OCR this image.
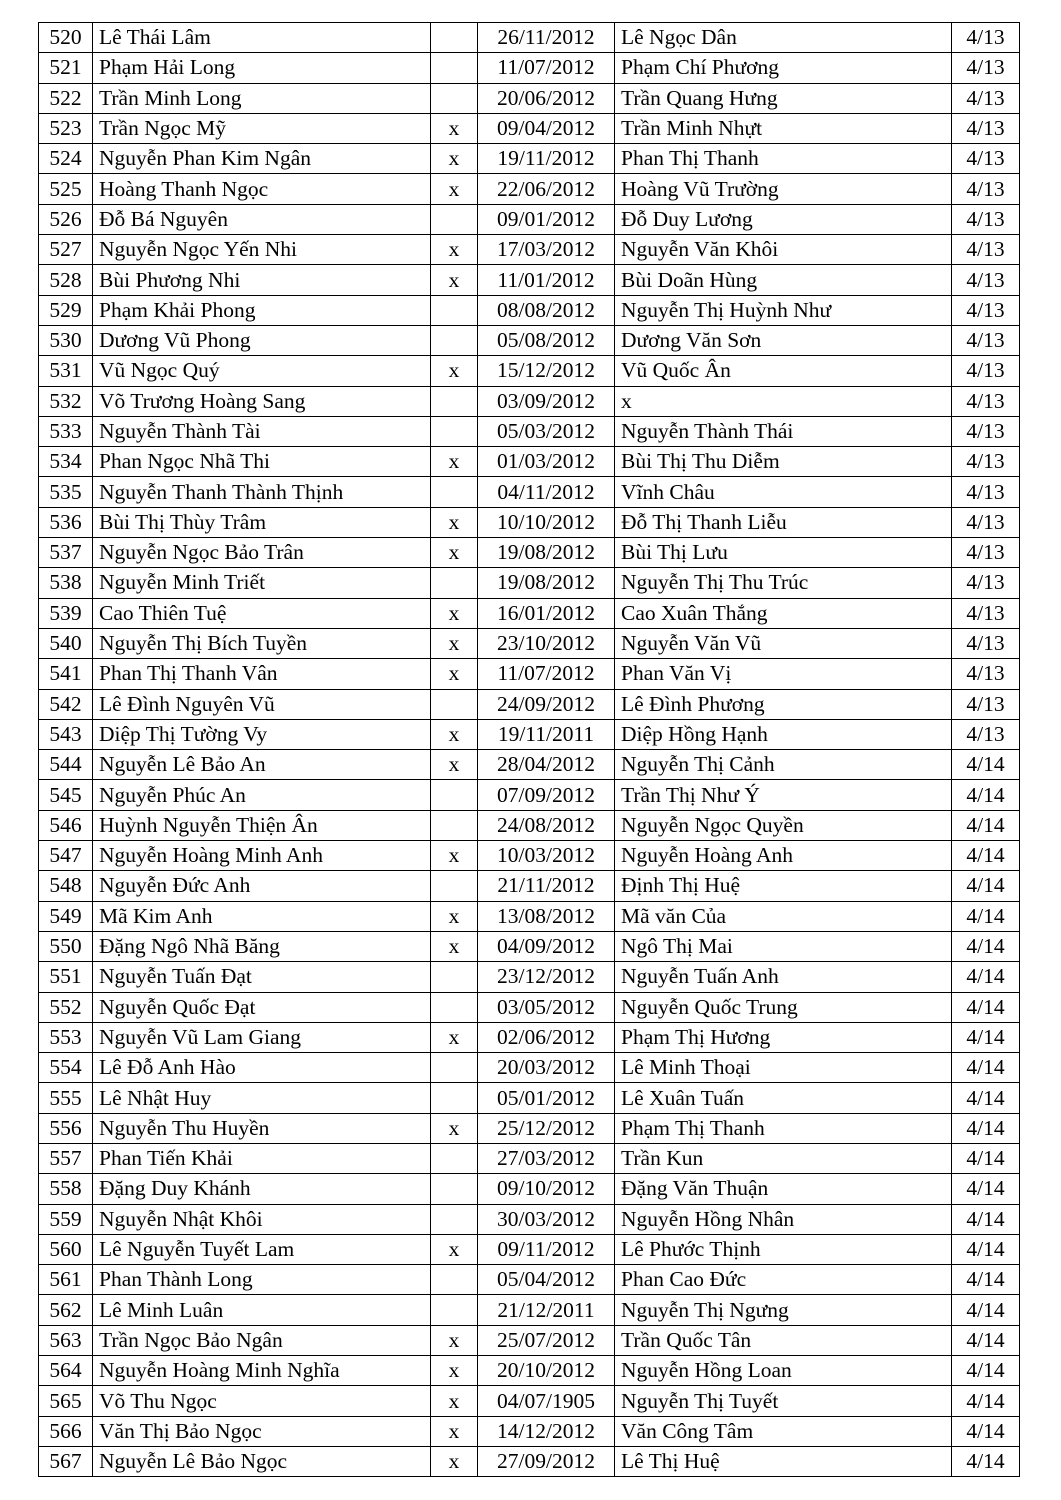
520	Lê Thái Lâm		26/11/2012	Lê Ngọc Dân	4/13
521	Phạm Hải Long		11/07/2012	Phạm Chí Phương	4/13
522	Trần Minh Long		20/06/2012	Trần Quang Hưng	4/13
523	Trần Ngọc Mỹ	x	09/04/2012	Trần Minh Nhựt	4/13
524	Nguyễn Phan Kim Ngân	x	19/11/2012	Phan Thị Thanh	4/13
525	Hoàng Thanh Ngọc	x	22/06/2012	Hoàng Vũ Trường	4/13
526	Đỗ Bá Nguyên		09/01/2012	Đỗ Duy Lương	4/13
527	Nguyễn Ngọc Yến Nhi	x	17/03/2012	Nguyễn Văn Khôi	4/13
528	Bùi Phương Nhi	x	11/01/2012	Bùi Doãn Hùng	4/13
529	Phạm Khải Phong		08/08/2012	Nguyễn Thị Huỳnh Như	4/13
530	Dương Vũ Phong		05/08/2012	Dương Văn Sơn	4/13
531	Vũ Ngọc Quý	x	15/12/2012	Vũ Quốc Ân	4/13
532	Võ Trương Hoàng Sang		03/09/2012	x	4/13
533	Nguyễn Thành Tài		05/03/2012	Nguyễn Thành Thái	4/13
534	Phan Ngọc Nhã Thi	x	01/03/2012	Bùi Thị Thu Diễm	4/13
535	Nguyễn Thanh Thành Thịnh		04/11/2012	Vĩnh Châu	4/13
536	Bùi Thị Thùy Trâm	x	10/10/2012	Đỗ Thị Thanh Liễu	4/13
537	Nguyễn Ngọc Bảo Trân	x	19/08/2012	Bùi Thị Lưu	4/13
538	Nguyễn Minh Triết		19/08/2012	Nguyễn Thị Thu Trúc	4/13
539	Cao Thiên Tuệ	x	16/01/2012	Cao Xuân Thắng	4/13
540	Nguyễn Thị Bích Tuyền	x	23/10/2012	Nguyễn Văn Vũ	4/13
541	Phan Thị Thanh Vân	x	11/07/2012	Phan Văn Vị	4/13
542	Lê Đình Nguyên Vũ		24/09/2012	Lê Đình Phương	4/13
543	Diệp Thị Tường Vy	x	19/11/2011	Diệp Hồng Hạnh	4/13
544	Nguyễn Lê Bảo An	x	28/04/2012	Nguyễn Thị Cảnh	4/14
545	Nguyễn Phúc An		07/09/2012	Trần Thị Như Ý	4/14
546	Huỳnh Nguyễn Thiện Ân		24/08/2012	Nguyễn Ngọc Quyền	4/14
547	Nguyễn Hoàng Minh Anh	x	10/03/2012	Nguyễn Hoàng Anh	4/14
548	Nguyễn Đức Anh		21/11/2012	Định Thị Huệ	4/14
549	Mã Kim Anh	x	13/08/2012	Mã văn Của	4/14
550	Đặng Ngô Nhã Băng	x	04/09/2012	Ngô Thị Mai	4/14
551	Nguyễn Tuấn Đạt		23/12/2012	Nguyễn Tuấn Anh	4/14
552	Nguyễn Quốc Đạt		03/05/2012	Nguyễn Quốc Trung	4/14
553	Nguyễn Vũ Lam Giang	x	02/06/2012	Phạm Thị Hương	4/14
554	Lê Đỗ Anh Hào		20/03/2012	Lê Minh Thoại	4/14
555	Lê Nhật Huy		05/01/2012	Lê Xuân Tuấn	4/14
556	Nguyễn Thu Huyền	x	25/12/2012	Phạm Thị Thanh	4/14
557	Phan Tiến Khải		27/03/2012	Trần Kun	4/14
558	Đặng Duy Khánh		09/10/2012	Đặng Văn Thuận	4/14
559	Nguyễn Nhật Khôi		30/03/2012	Nguyễn Hồng Nhân	4/14
560	Lê Nguyễn Tuyết Lam	x	09/11/2012	Lê Phước Thịnh	4/14
561	Phan Thành Long		05/04/2012	Phan Cao Đức	4/14
562	Lê Minh Luân		21/12/2011	Nguyễn Thị Ngưng	4/14
563	Trần Ngọc Bảo Ngân	x	25/07/2012	Trần Quốc Tân	4/14
564	Nguyễn Hoàng Minh Nghĩa	x	20/10/2012	Nguyễn Hồng Loan	4/14
565	Võ Thu Ngọc	x	04/07/1905	Nguyễn Thị Tuyết	4/14
566	Văn Thị Bảo Ngọc	x	14/12/2012	Văn Công Tâm	4/14
567	Nguyễn Lê Bảo Ngọc	x	27/09/2012	Lê Thị Huệ	4/14
